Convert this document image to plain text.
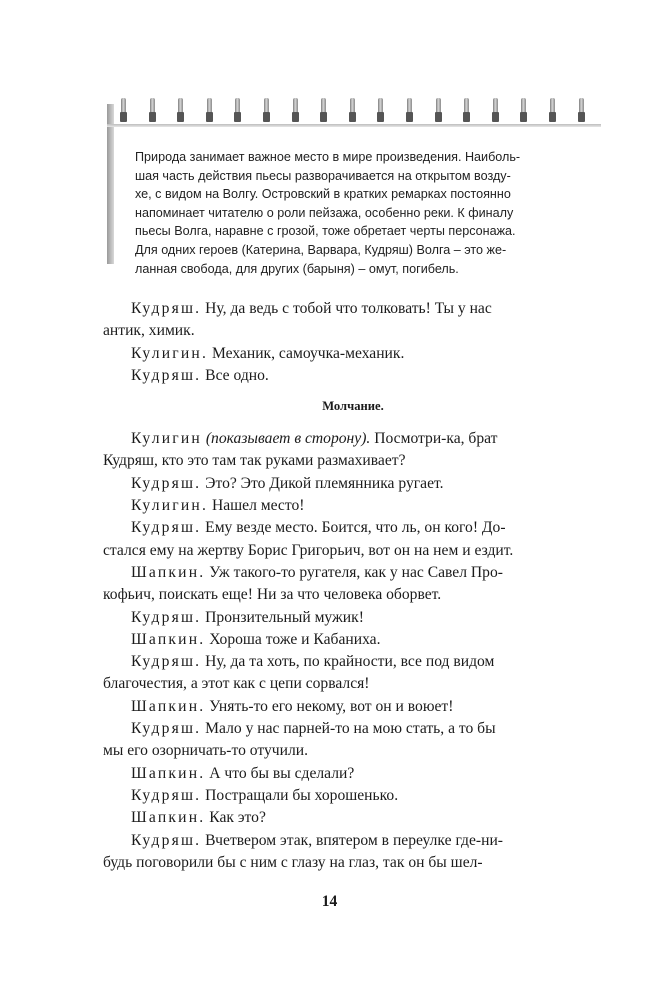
Природа занимает важное место в мире произведения. Наиболь-
шая часть действия пьесы разворачивается на открытом возду-
хе, с видом на Волгу. Островский в кратких ремарках постоянно
напоминает читателю о роли пейзажа, особенно реки. К финалу
пьесы Волга, наравне с грозой, тоже обретает черты персонажа.
Для одних героев (Катерина, Варвара, Кудряш) Волга – это же-
ланная свобода, для других (барыня) – омут, погибель.

Кудряш. Ну, да ведь с тобой что толковать! Ты у нас
антик, химик.
Кулигин. Механик, самоучка-механик.
Кудряш. Все одно.
Молчание.
Кулигин (показывает в сторону). Посмотри-ка, брат
Кудряш, кто это там так руками размахивает?
Кудряш. Это? Это Дикой племянника ругает.
Кулигин. Нашел место!
Кудряш. Ему везде место. Боится, что ль, он кого! До-
стался ему на жертву Борис Григорьич, вот он на нем и ездит.
Шапкин. Уж такого-то ругателя, как у нас Савел Про-
кофьич, поискать еще! Ни за что человека оборвет.
Кудряш. Пронзительный мужик!
Шапкин. Хороша тоже и Кабаниха.
Кудряш. Ну, да та хоть, по крайности, все под видом
благочестия, а этот как с цепи сорвался!
Шапкин. Унять-то его некому, вот он и воюет!
Кудряш. Мало у нас парней-то на мою стать, а то бы
мы его озорничать-то отучили.
Шапкин. А что бы вы сделали?
Кудряш. Постращали бы хорошенько.
Шапкин. Как это?
Кудряш. Вчетвером этак, впятером в переулке где-ни-
будь поговорили бы с ним с глазу на глаз, так он бы шел-
14
